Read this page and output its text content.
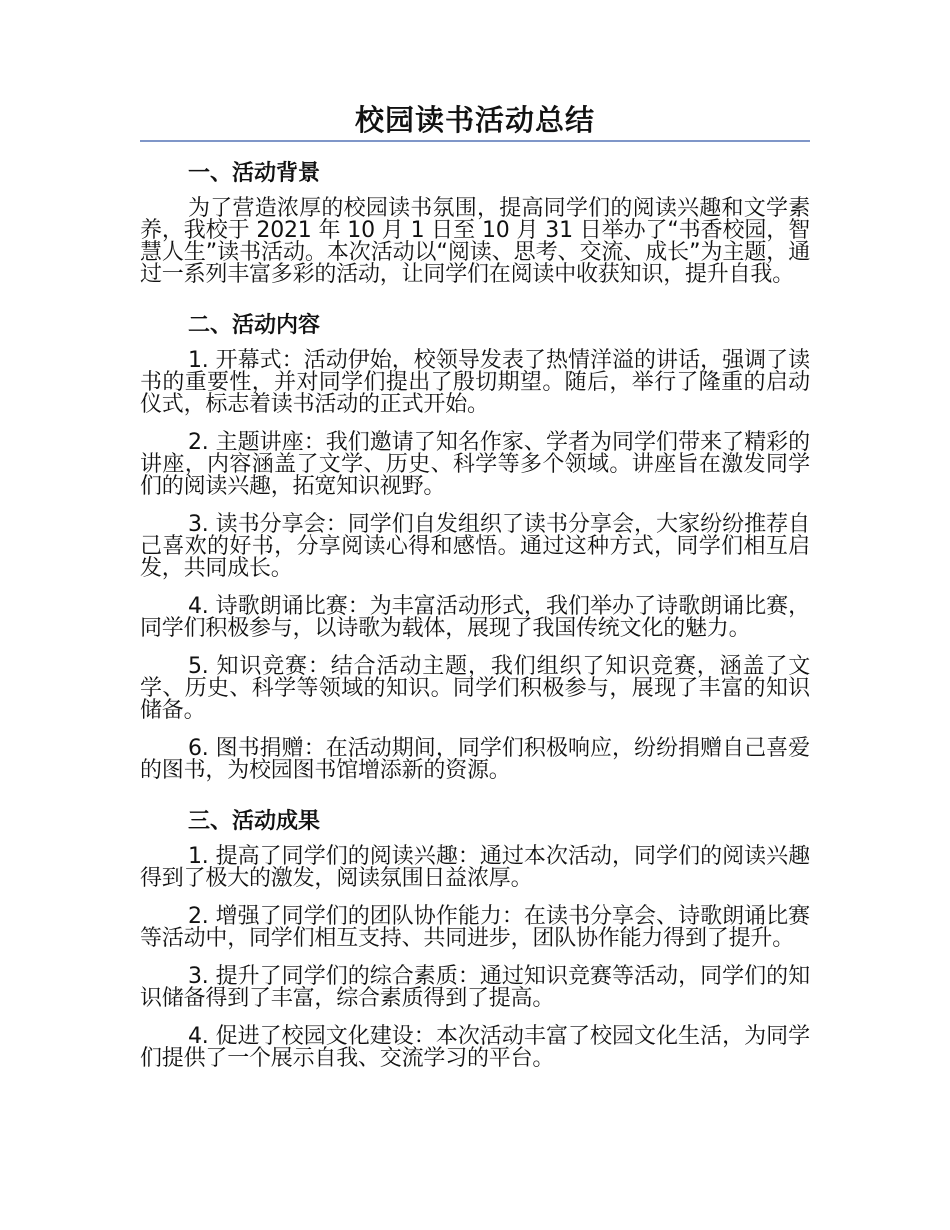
校园读书活动总结
一、活动背景

为了营造浓厚的校园读书氛围，提高同学们的阅读兴趣和文学素养，我校于 2021 年 10 月 1 日至 10 月 31 日举办了“书香校园，智慧人生”读书活动。本次活动以“阅读、思考、交流、成长”为主题，通过一系列丰富多彩的活动，让同学们在阅读中收获知识，提升自我。

二、活动内容

1. 开幕式：活动伊始，校领导发表了热情洋溢的讲话，强调了读书的重要性，并对同学们提出了殷切期望。随后，举行了隆重的启动仪式，标志着读书活动的正式开始。

2. 主题讲座：我们邀请了知名作家、学者为同学们带来了精彩的讲座，内容涵盖了文学、历史、科学等多个领域。讲座旨在激发同学们的阅读兴趣，拓宽知识视野。

3. 读书分享会：同学们自发组织了读书分享会，大家纷纷推荐自己喜欢的好书，分享阅读心得和感悟。通过这种方式，同学们相互启发，共同成长。

4. 诗歌朗诵比赛：为丰富活动形式，我们举办了诗歌朗诵比赛，同学们积极参与，以诗歌为载体，展现了我国传统文化的魅力。

5. 知识竞赛：结合活动主题，我们组织了知识竞赛，涵盖了文学、历史、科学等领域的知识。同学们积极参与，展现了丰富的知识储备。

6. 图书捐赠：在活动期间，同学们积极响应，纷纷捐赠自己喜爱的图书，为校园图书馆增添新的资源。

三、活动成果

1. 提高了同学们的阅读兴趣：通过本次活动，同学们的阅读兴趣得到了极大的激发，阅读氛围日益浓厚。

2. 增强了同学们的团队协作能力：在读书分享会、诗歌朗诵比赛等活动中，同学们相互支持、共同进步，团队协作能力得到了提升。

3. 提升了同学们的综合素质：通过知识竞赛等活动，同学们的知识储备得到了丰富，综合素质得到了提高。

4. 促进了校园文化建设：本次活动丰富了校园文化生活，为同学们提供了一个展示自我、交流学习的平台。
